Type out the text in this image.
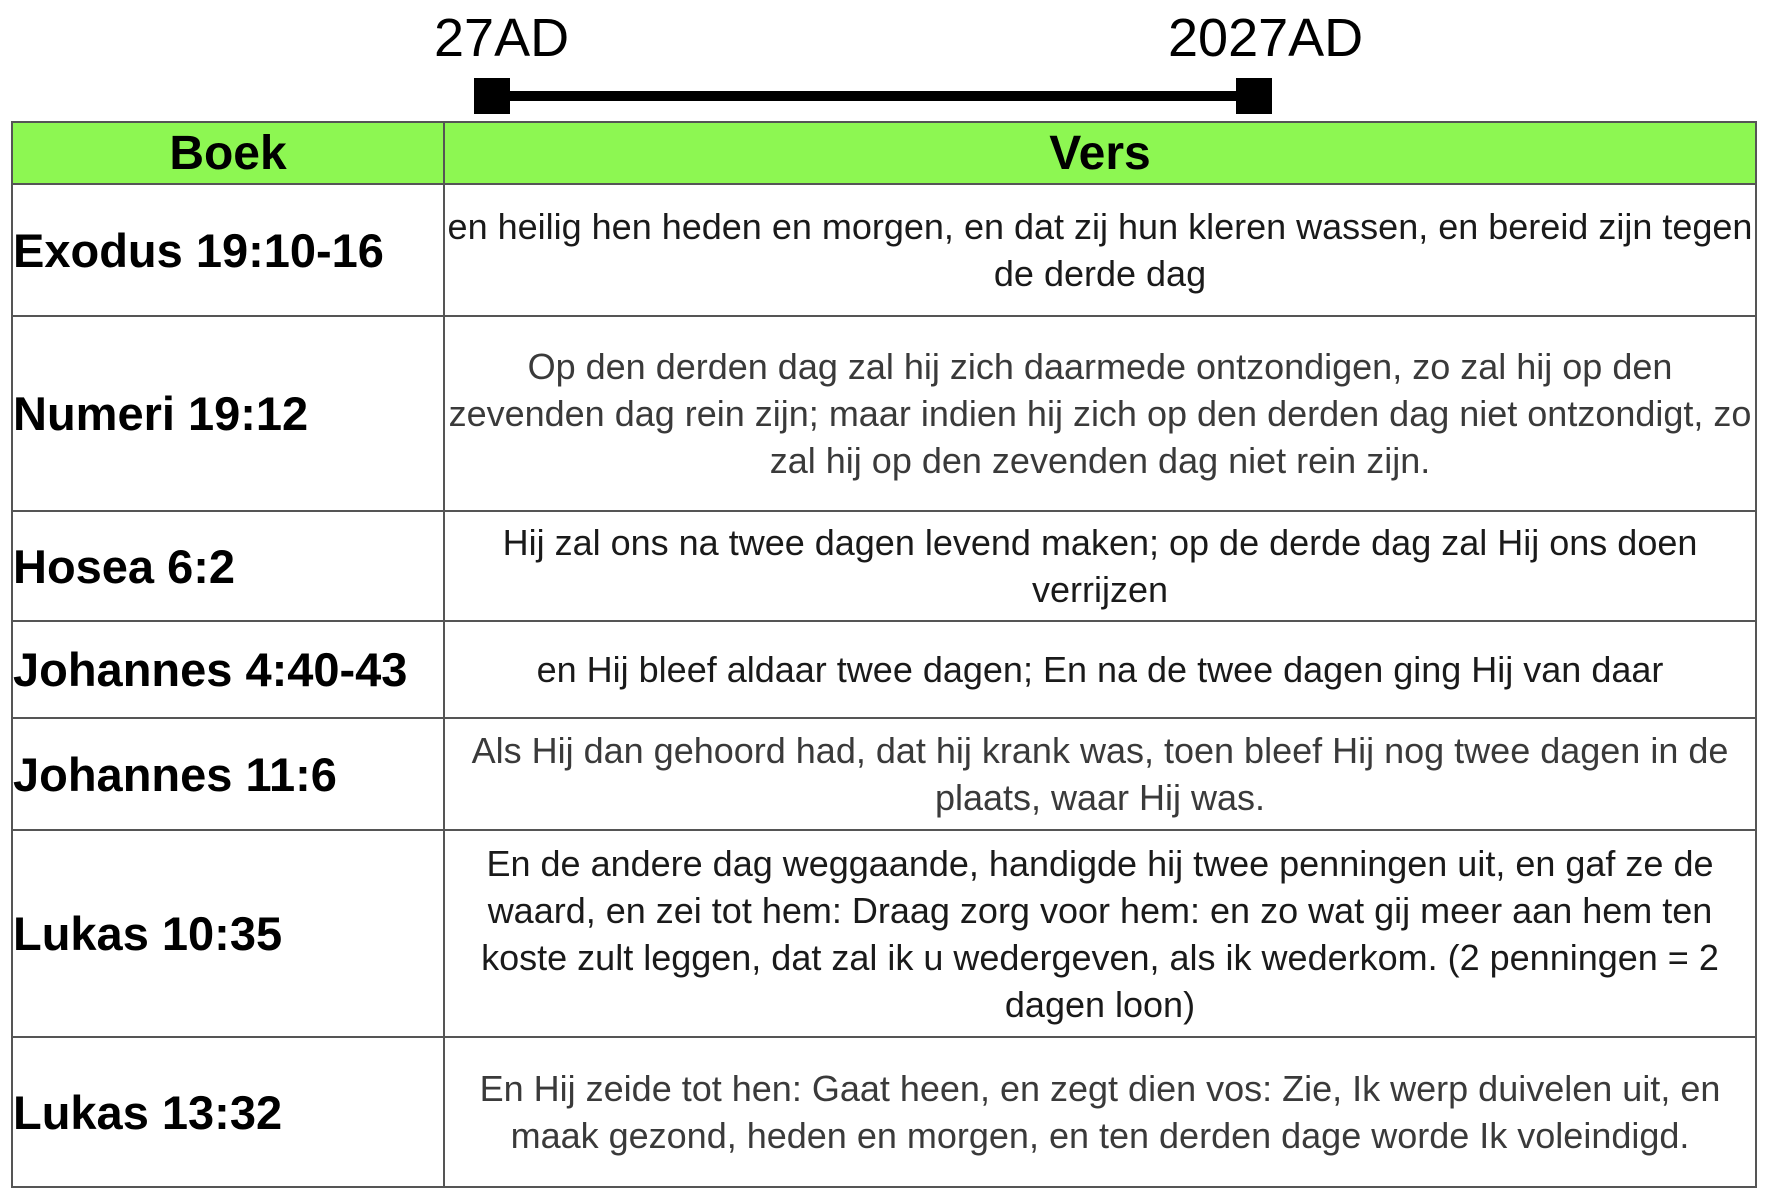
27AD	2027AD
Boek	Vers
Exodus 19:10-16	en heilig hen heden en morgen, en dat zij hun kleren wassen, en bereid zijn tegen de derde dag
Numeri 19:12	Op den derden dag zal hij zich daarmede ontzondigen, zo zal hij op den zevenden dag rein zijn; maar indien hij zich op den derden dag niet ontzondigt, zo zal hij op den zevenden dag niet rein zijn.
Hosea 6:2	Hij zal ons na twee dagen levend maken; op de derde dag zal Hij ons doen verrijzen
Johannes 4:40-43	en Hij bleef aldaar twee dagen; En na de twee dagen ging Hij van daar
Johannes 11:6	Als Hij dan gehoord had, dat hij krank was, toen bleef Hij nog twee dagen in de plaats, waar Hij was.
Lukas 10:35	En de andere dag weggaande, handigde hij twee penningen uit, en gaf ze de waard, en zei tot hem: Draag zorg voor hem: en zo wat gij meer aan hem ten koste zult leggen, dat zal ik u wedergeven, als ik wederkom. (2 penningen = 2 dagen loon)
Lukas 13:32	En Hij zeide tot hen: Gaat heen, en zegt dien vos: Zie, Ik werp duivelen uit, en maak gezond, heden en morgen, en ten derden dage worde Ik voleindigd.
